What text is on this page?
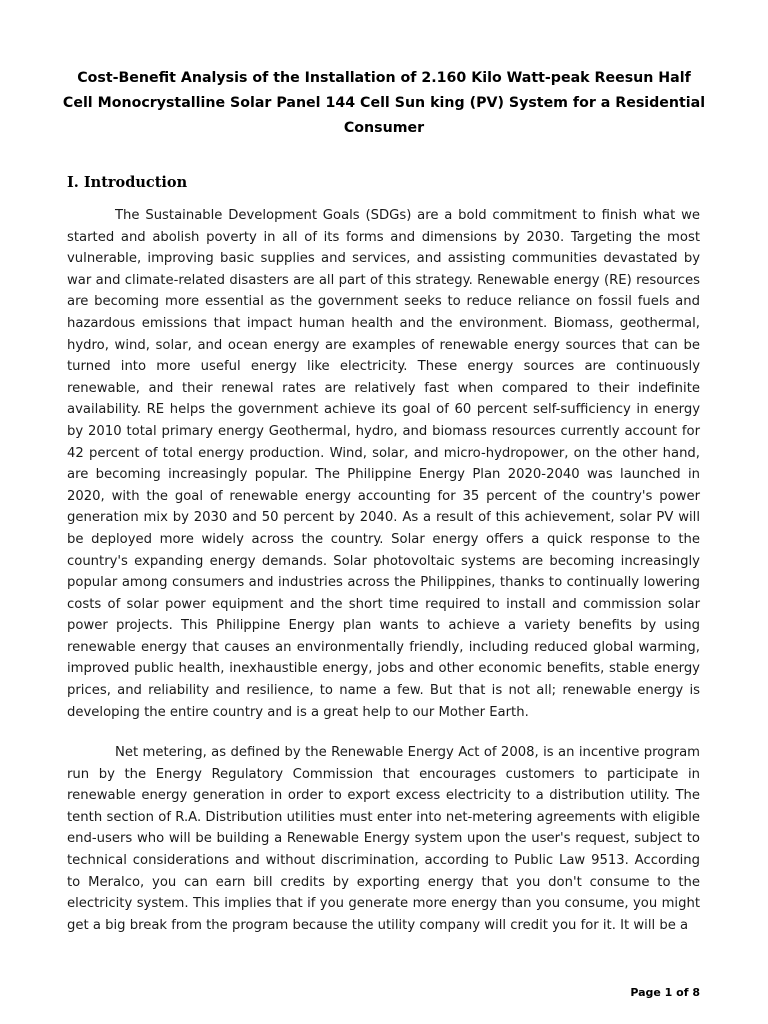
Cost-Benefit Analysis of the Installation of 2.160 Kilo Watt-peak Reesun Half Cell Monocrystalline Solar Panel 144 Cell Sun king (PV) System for a Residential Consumer
I. Introduction

The Sustainable Development Goals (SDGs) are a bold commitment to finish what we started and abolish poverty in all of its forms and dimensions by 2030. Targeting the most vulnerable, improving basic supplies and services, and assisting communities devastated by war and climate-related disasters are all part of this strategy. Renewable energy (RE) resources are becoming more essential as the government seeks to reduce reliance on fossil fuels and hazardous emissions that impact human health and the environment. Biomass, geothermal, hydro, wind, solar, and ocean energy are examples of renewable energy sources that can be turned into more useful energy like electricity. These energy sources are continuously renewable, and their renewal rates are relatively fast when compared to their indefinite availability. RE helps the government achieve its goal of 60 percent self-sufficiency in energy by 2010 total primary energy Geothermal, hydro, and biomass resources currently account for 42 percent of total energy production. Wind, solar, and micro-hydropower, on the other hand, are becoming increasingly popular. The Philippine Energy Plan 2020-2040 was launched in 2020, with the goal of renewable energy accounting for 35 percent of the country's power generation mix by 2030 and 50 percent by 2040. As a result of this achievement, solar PV will be deployed more widely across the country. Solar energy offers a quick response to the country's expanding energy demands. Solar photovoltaic systems are becoming increasingly popular among consumers and industries across the Philippines, thanks to continually lowering costs of solar power equipment and the short time required to install and commission solar power projects. This Philippine Energy plan wants to achieve a variety benefits by using renewable energy that causes an environmentally friendly, including reduced global warming, improved public health, inexhaustible energy, jobs and other economic benefits, stable energy prices, and reliability and resilience, to name a few. But that is not all; renewable energy is developing the entire country and is a great help to our Mother Earth.

Net metering, as defined by the Renewable Energy Act of 2008, is an incentive program run by the Energy Regulatory Commission that encourages customers to participate in renewable energy generation in order to export excess electricity to a distribution utility. The tenth section of R.A. Distribution utilities must enter into net-metering agreements with eligible end-users who will be building a Renewable Energy system upon the user's request, subject to technical considerations and without discrimination, according to Public Law 9513. According to Meralco, you can earn bill credits by exporting energy that you don't consume to the electricity system. This implies that if you generate more energy than you consume, you might get a big break from the program because the utility company will credit you for it. It will be a

Page 1 of 8
